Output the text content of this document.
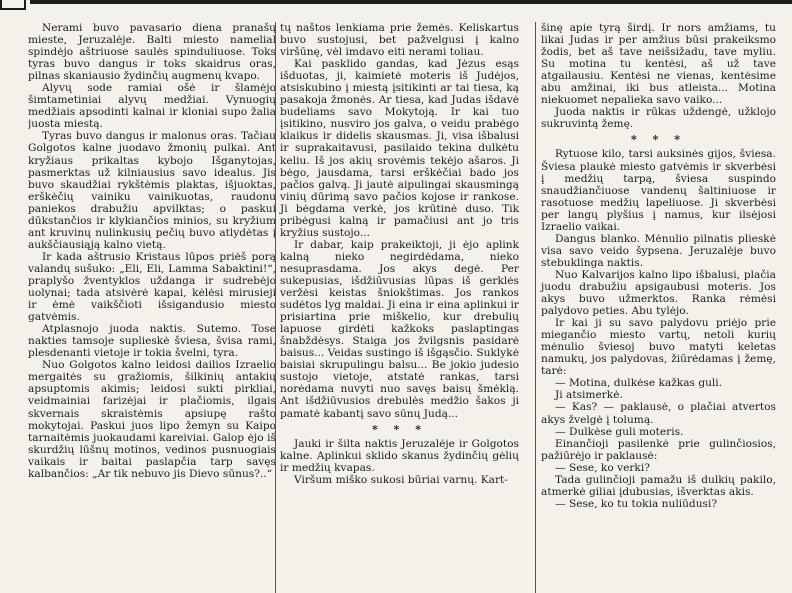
Nerami buvo pavasario diena pranašų mieste, Jeruzalėje. Balti miesto namelial spindėjo aštriuose saulės spinduliuose. Toks tyras buvo dangus ir toks skaidrus oras, pilnas skaniausio žydinčių augmenų kvapo.

Alyvų sode ramiai ošė ir šlamėjo šimtametiniai alyvų medžiai. Vynuogių medžiais apsodinti kalnai ir kloniai supo žalia juosta miestą.

Tyras buvo dangus ir malonus oras. Tačiau Golgotos kalne juodavo žmonių pulkai. Ant kryžiaus prikaltas kybojo Išganytojas, pasmerktas už kilniausius savo idealus. Jis buvo skaudžiai rykštėmis plaktas, išjuoktas, erškėčių vainiku vainikuotas, raudonu paniekos drabužiu apvilktas; o paskui dūkstančios ir klykiančios minios, su kryžium ant kruvinų nulinkusių pečių buvo atlydėtas į aukščiausiąją kalno vietą.

Ir kada aštrusio Kristaus lūpos priėš porą valandų sušuko: „Eli, Eli, Lamma Sabaktini!“, praplyšo žventyklos uždanga ir sudrebėjo uolynai; tada atsivėrė kapai, kėlėsi mirusieji ir ėmė vaikščioti išsigandusio miesto gatvėmis.

Atplasnojo juoda naktis. Sutemo. Tose nakties tamsoje suplieskė šviesa, švisa rami, plesdenanti vietoje ir tokia švelni, tyra.

Nuo Golgotos kalno leidosi dailios Izraelio mergaitės su gražiomis, šilkinių antakių apsuptomis akimis; leidosi sukti pirkliai, veidmainiai farizėjai ir plačiomis, ilgais skvernais skraistėmis apsiupę rašto mokytojai. Paskui juos lipo žemyn su Kaipo tarnaitėmis juokaudami kareiviai. Galop ėjo iš skurdžių lūšnų motinos, vedinos pusnuogiais vaikais ir baitai paslapčia tarp savęs kalbančios: „Ar tik nebuvo jis Dievo sūnus?..“

tų naštos lenkiama prie žemės. Keliskartus buvo sustojusi, bet pažvelgusi į kalno viršūnę, vėl imdavo eiti nerami toliau.

Kai pasklido gandas, kad Jėzus esąs išduotas, ji, kaimietė moteris iš Judėjos, atsiskubino į miestą įsitikinti ar tai tiesa, ką pasakoja žmonės. Ar tiesa, kad Judas išdavė budeliams savo Mokytoją. Ir kai tuo įsitikino, nusviro jos galva, o veidu prabėgo klaikus ir didelis skausmas. Ji, visa išbalusi ir suprakaitavusi, pasilaido tekina dulkėtu keliu. Iš jos akių srovėmis tekėjo ašaros. Ji bėgo, jausdama, tarsi erškėčiai bado jos pačios galvą. Ji jautė aipulingai skausmingą vinių dūrimą savo pačios kojose ir rankose. Ji bėgdama verkė, jos krūtinė duso. Tik pribėgusi kalną ir pamačiusi ant jo tris kryžius sustojo...

Ir dabar, kaip prakeiktoji, ji ėjo aplink kalną nieko negirdėdama, nieko nesuprasdama. Jos akys degė. Per sukepusias, išdžiūvusias lūpas iš gerklės veržėsi keistas šniokštimas. Jos rankos sudėtos lyg maldai. Ji eina ir eina aplinkui ir prisiartina prie miškelio, kur drebulių lapuose girdėti kažkoks paslaptingas šnabždėsys. Staiga jos žvilgsnis pasidarė baisus... Veidas sustingo iš išgąsčio. Suklykė baisiai skrupulingu balsu... Be jokio judesio sustojo vietoje, atstatė rankas, tarsi norėdama nuvyti nuo savęs baisų šmėklą. Ant išdžiūvusios drebulės medžio šakos ji pamatė kabantį savo sūnų Judą...

* * *

Jauki ir šilta naktis Jeruzalėje ir Golgotos kalne. Aplinkui sklido skanus žydinčių gėlių ir medžių kvapas.

Viršum miško sukosi būriai varnų. Kart-

šinę apie tyrą širdį. Ir nors amžiams, tu likai Judas ir per amžius būsi prakeiksmo žodis, bet aš tave neišsižadu, tave myliu. Su motina tu kentėsi, aš už tave atgailausiu. Kentėsi ne vienas, kentėsime abu amžinai, iki bus atleista... Motina niekuomet nepalieka savo vaiko...

Juoda naktis ir rūkas uždengė, užklojo sukruvintą žemę.

* * *

Rytuose kilo, tarsi auksinės gijos, šviesa. Šviesa plaukė miesto gatvėmis ir skverbėsi į medžių tarpą, šviesa suspindo snaudžiančiuose vandenų šaltiniuose ir rasotuose medžių lapeliuose. Ji skverbėsi per langų plyšius į namus, kur ilsėjosi Izraelio vaikai.

Dangus blanko. Mėnulio pilnatis plieskė visa savo veido šypsena. Jeruzalėje buvo stebuklinga naktis.

Nuo Kalvarijos kalno lipo išbalusi, plačia juodu drabužiu apsigaubusi moteris. Jos akys buvo užmerktos. Ranka rėmėsi palydovo peties. Abu tylėjo.

Ir kai ji su savo palydovu priėjo prie miegančio miesto vartų, netoli kurių mėnulio šviesoj buvo matyti keletas namukų, jos palydovas, žiūrėdamas į žemę, tarė:

— Motina, dulkėse kažkas guli.

Ji atsimerkė.

— Kas? — paklausė, o plačiai atvertos akys žvelgė į tolumą.

— Dulkėse guli moteris.

Einančioji pasilenkė prie gulinčiosios, pažiūrėjo ir paklausė:

— Sese, ko verki?

Tada gulinčioji pamažu iš dulkių pakilo, atmerkė giliai įdubusias, išverktas akis.

— Sese, ko tu tokia nuliūdusi?
